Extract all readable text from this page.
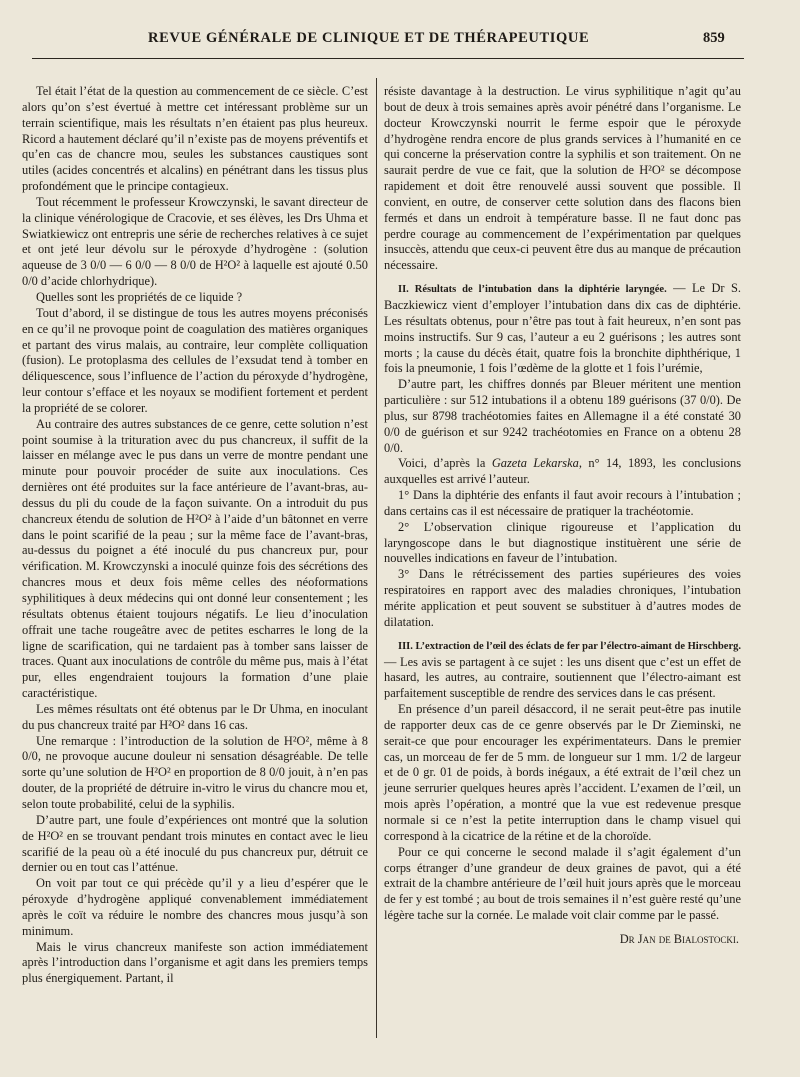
REVUE GÉNÉRALE DE CLINIQUE ET DE THÉRAPEUTIQUE	859

Tel était l’état de la question au commencement de ce siècle. C’est alors qu’on s’est évertué à mettre cet intéressant problème sur un terrain scientifique, mais les résultats n’en étaient pas plus heureux. Ricord a hautement déclaré qu’il n’existe pas de moyens préventifs et qu’en cas de chancre mou, seules les substances caustiques sont utiles (acides concentrés et alcalins) en pénétrant dans les tissus plus profondément que le principe contagieux.

Tout récemment le professeur Krowczynski, le savant directeur de la clinique vénérologique de Cracovie, et ses élèves, les Drs Uhma et Swiatkiewicz ont entrepris une série de recherches relatives à ce sujet et ont jeté leur dévolu sur le péroxyde d’hydrogène : (solution aqueuse de 3 0/0 — 6 0/0 — 8 0/0 de H²O² à laquelle est ajouté 0.50 0/0 d’acide chlorhydrique).

Quelles sont les propriétés de ce liquide ?

Tout d’abord, il se distingue de tous les autres moyens préconisés en ce qu’il ne provoque point de coagulation des matières organiques et partant des virus malais, au contraire, leur complète colliquation (fusion). Le protoplasma des cellules de l’exsudat tend à tomber en déliquescence, sous l’influence de l’action du péroxyde d’hydrogène, leur contour s’efface et les noyaux se modifient fortement et perdent la propriété de se colorer.

Au contraire des autres substances de ce genre, cette solution n’est point soumise à la trituration avec du pus chancreux, il suffit de la laisser en mélange avec le pus dans un verre de montre pendant une minute pour pouvoir procéder de suite aux inoculations. Ces dernières ont été produites sur la face antérieure de l’avant-bras, au-dessus du pli du coude de la façon suivante. On a introduit du pus chancreux étendu de solution de H²O² à l’aide d’un bâtonnet en verre dans le point scarifié de la peau ; sur la même face de l’avant-bras, au-dessus du poignet a été inoculé du pus chancreux pur, pour vérification. M. Krowczynski a inoculé quinze fois des sécrétions des chancres mous et deux fois même celles des néoformations syphilitiques à deux médecins qui ont donné leur consentement ; les résultats obtenus étaient toujours négatifs. Le lieu d’inoculation offrait une tache rougeâtre avec de petites escharres le long de la ligne de scarification, qui ne tardaient pas à tomber sans laisser de traces. Quant aux inoculations de contrôle du même pus, mais à l’état pur, elles engendraient toujours la formation d’une plaie caractéristique.

Les mêmes résultats ont été obtenus par le Dr Uhma, en inoculant du pus chancreux traité par H²O² dans 16 cas.

Une remarque : l’introduction de la solution de H²O², même à 8 0/0, ne provoque aucune douleur ni sensation désagréable. De telle sorte qu’une solution de H²O² en proportion de 8 0/0 jouit, à n’en pas douter, de la propriété de détruire in-vitro le virus du chancre mou et, selon toute probabilité, celui de la syphilis.

D’autre part, une foule d’expériences ont montré que la solution de H²O² en se trouvant pendant trois minutes en contact avec le lieu scarifié de la peau où a été inoculé du pus chancreux pur, détruit ce dernier ou en tout cas l’atténue.

On voit par tout ce qui précède qu’il y a lieu d’espérer que le péroxyde d’hydrogène appliqué convenablement immédiatement après le coït va réduire le nombre des chancres mous jusqu’à son minimum.

Mais le virus chancreux manifeste son action immédiatement après l’introduction dans l’organisme et agit dans les premiers temps plus énergiquement. Partant, il

résiste davantage à la destruction. Le virus syphilitique n’agit qu’au bout de deux à trois semaines après avoir pénétré dans l’organisme. Le docteur Krowczynski nourrit le ferme espoir que le péroxyde d’hydrogène rendra encore de plus grands services à l’humanité en ce qui concerne la préservation contre la syphilis et son traitement. On ne saurait perdre de vue ce fait, que la solution de H²O² se décompose rapidement et doit être renouvelé aussi souvent que possible. Il convient, en outre, de conserver cette solution dans des flacons bien fermés et dans un endroit à température basse. Il ne faut donc pas perdre courage au commencement de l’expérimentation par quelques insuccès, attendu que ceux-ci peuvent être dus au manque de précaution nécessaire.

II. Résultats de l’intubation dans la diphtérie laryngée. — Le Dr S. Baczkiewicz vient d’employer l’intubation dans dix cas de diphtérie. Les résultats obtenus, pour n’être pas tout à fait heureux, n’en sont pas moins instructifs. Sur 9 cas, l’auteur a eu 2 guérisons ; les autres sont morts ; la cause du décès était, quatre fois la bronchite diphthérique, 1 fois la pneumonie, 1 fois l’œdème de la glotte et 1 fois l’urémie,

D’autre part, les chiffres donnés par Bleuer méritent une mention particulière : sur 512 intubations il a obtenu 189 guérisons (37 0/0). De plus, sur 8798 trachéotomies faites en Allemagne il a été constaté 30 0/0 de guérison et sur 9242 trachéotomies en France on a obtenu 28 0/0.

Voici, d’après la Gazeta Lekarska, n° 14, 1893, les conclusions auxquelles est arrivé l’auteur.

1° Dans la diphtérie des enfants il faut avoir recours à l’intubation ; dans certains cas il est nécessaire de pratiquer la trachéotomie.

2° L’observation clinique rigoureuse et l’application du laryngoscope dans le but diagnostique instituèrent une série de nouvelles indications en faveur de l’intubation.

3° Dans le rétrécissement des parties supérieures des voies respiratoires en rapport avec des maladies chroniques, l’intubation mérite application et peut souvent se substituer à d’autres modes de dilatation.

III. L’extraction de l’œil des éclats de fer par l’électro-aimant de Hirschberg. — Les avis se partagent à ce sujet : les uns disent que c’est un effet de hasard, les autres, au contraire, soutiennent que l’électro-aimant est parfaitement susceptible de rendre des services dans le cas présent.

En présence d’un pareil désaccord, il ne serait peut-être pas inutile de rapporter deux cas de ce genre observés par le Dr Zieminski, ne serait-ce que pour encourager les expérimentateurs. Dans le premier cas, un morceau de fer de 5 mm. de longueur sur 1 mm. 1/2 de largeur et de 0 gr. 01 de poids, à bords inégaux, a été extrait de l’œil chez un jeune serrurier quelques heures après l’accident. L’examen de l’œil, un mois après l’opération, a montré que la vue est redevenue presque normale si ce n’est la petite interruption dans le champ visuel qui correspond à la cicatrice de la rétine et de la choroïde.

Pour ce qui concerne le second malade il s’agit également d’un corps étranger d’une grandeur de deux graines de pavot, qui a été extrait de la chambre antérieure de l’œil huit jours après que le morceau de fer y est tombé ; au bout de trois semaines il n’est guère resté qu’une légère tache sur la cornée. Le malade voit clair comme par le passé.

Dr Jan de Bialostocki.
